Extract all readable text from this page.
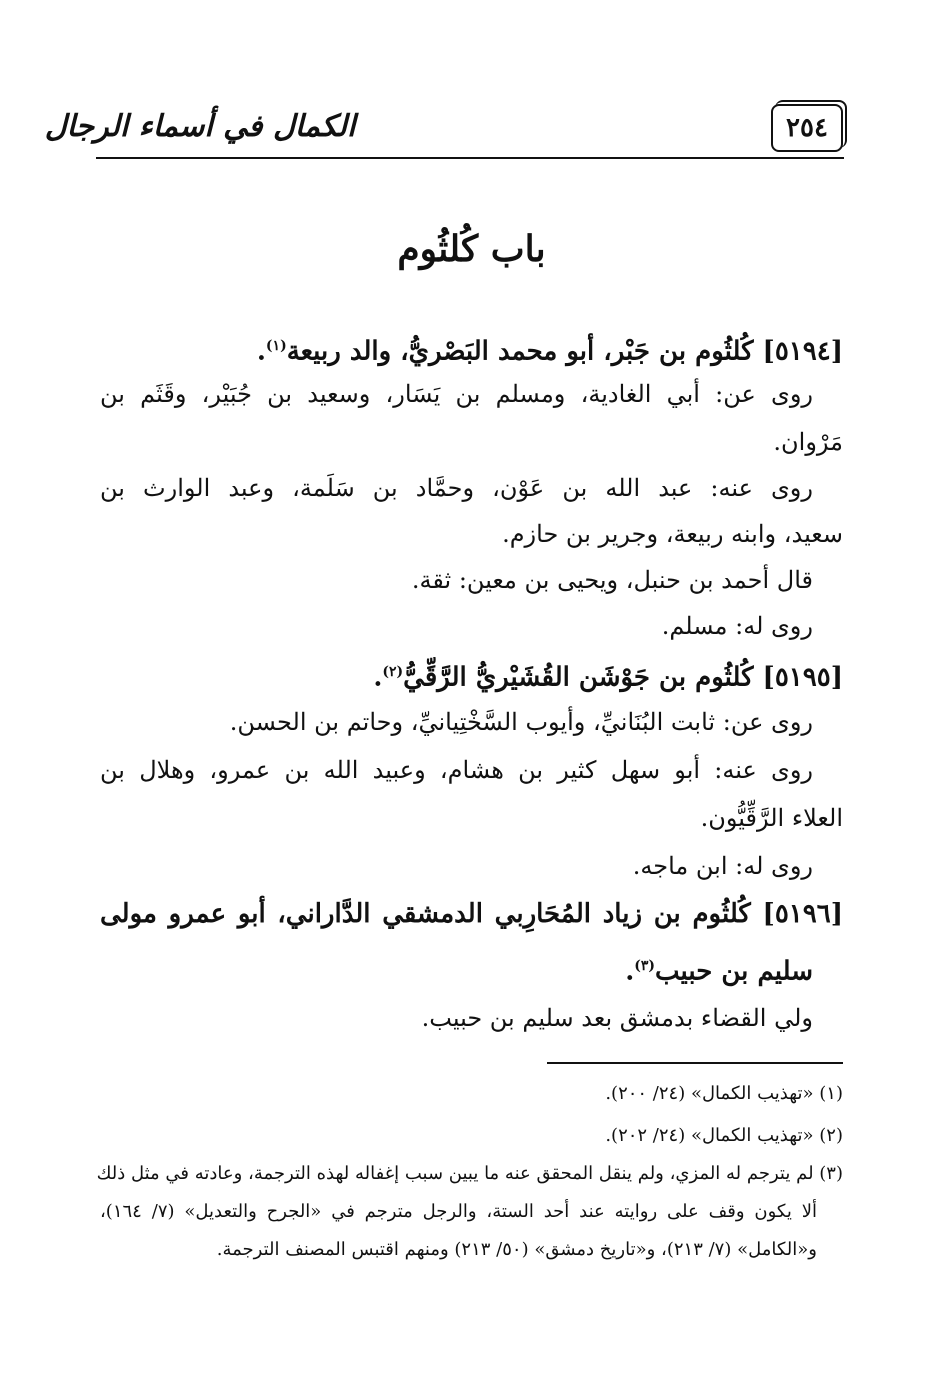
٢٥٤
الكمال في أسماء الرجال
باب كُلثُوم
[٥١٩٤] كُلثُوم بن جَبْر، أبو محمد البَصْريُّ، والد ربيعة$^{(١)}$.
روى عن: أبي الغادية، ومسلم بن يَسَار، وسعيد بن جُبَيْر، وقَثَم بن
مَرْوان.
روى عنه: عبد الله بن عَوْن، وحمَّاد بن سَلَمة، وعبد الوارث بن
سعيد، وابنه ربيعة، وجرير بن حازم.
قال أحمد بن حنبل، ويحيى بن معين: ثقة.
روى له: مسلم.
[٥١٩٥] كُلثُوم بن جَوْشَن القُشَيْريُّ الرَّقِّيُّ$^{(٢)}$.
روى عن: ثابت البُنَانيِّ، وأيوب السَّخْتِيانيِّ، وحاتم بن الحسن.
روى عنه: أبو سهل كثير بن هشام، وعبيد الله بن عمرو، وهلال بن
العلاء الرَّقِّيُّون.
روى له: ابن ماجه.
[٥١٩٦] كُلثُوم بن زياد المُحَارِبي الدمشقي الدَّاراني، أبو عمرو مولى
سليم بن حبيب$^{(٣)}$.
ولي القضاء بدمشق بعد سليم بن حبيب.
(١) «تهذيب الكمال» (٢٤/ ٢٠٠).
(٢) «تهذيب الكمال» (٢٤/ ٢٠٢).
(٣) لم يترجم له المزي، ولم ينقل المحقق عنه ما يبين سبب إغفاله لهذه الترجمة، وعادته في مثل ذلك
ألا يكون وقف على روايته عند أحد الستة، والرجل مترجم في «الجرح والتعديل» (٧/ ١٦٤)،
و«الكامل» (٧/ ٢١٣)، و«تاريخ دمشق» (٥٠/ ٢١٣) ومنهم اقتبس المصنف الترجمة.
